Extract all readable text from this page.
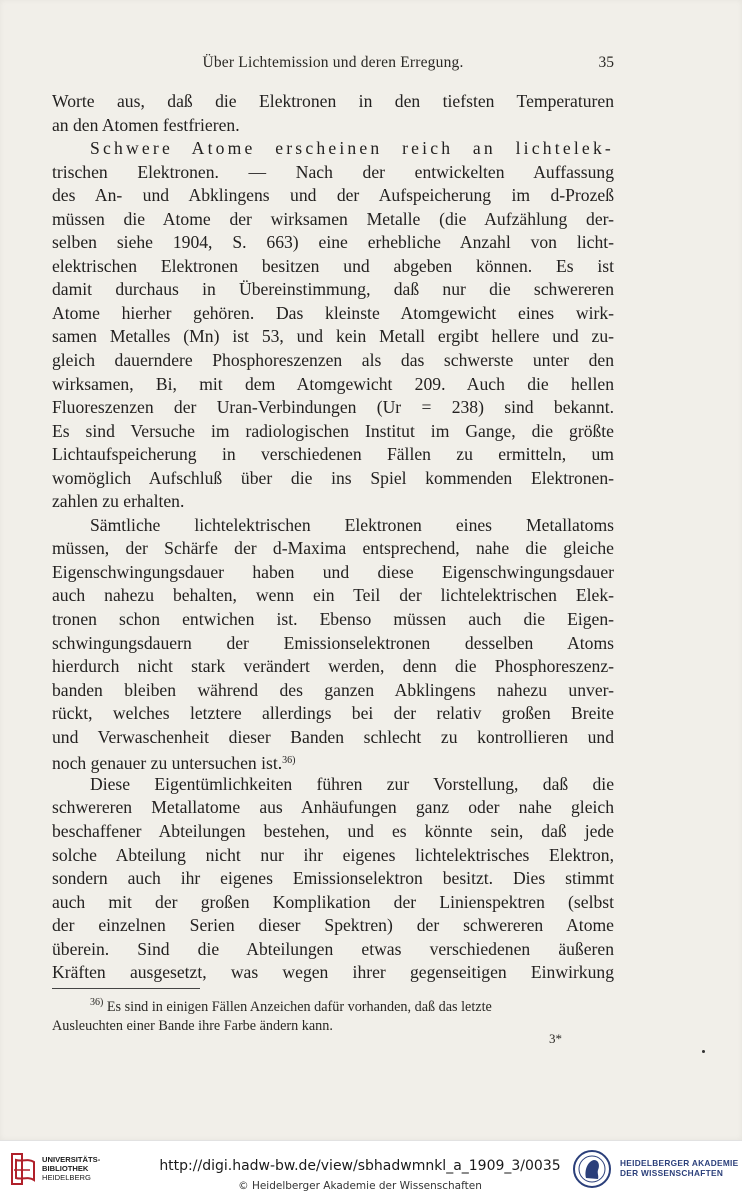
Über Lichtemission und deren Erregung.	35
Worte aus, daß die Elektronen in den tiefsten Temperaturen
an den Atomen festfrieren.
Schwere Atome erscheinen reich an lichtelek-
trischen Elektronen. — Nach der entwickelten Auffassung
des An- und Abklingens und der Aufspeicherung im d-Prozeß
müssen die Atome der wirksamen Metalle (die Aufzählung der-
selben siehe 1904, S. 663) eine erhebliche Anzahl von licht-
elektrischen Elektronen besitzen und abgeben können. Es ist
damit durchaus in Übereinstimmung, daß nur die schwereren
Atome hierher gehören. Das kleinste Atomgewicht eines wirk-
samen Metalles (Mn) ist 53, und kein Metall ergibt hellere und zu-
gleich dauerndere Phosphoreszenzen als das schwerste unter den
wirksamen, Bi, mit dem Atomgewicht 209. Auch die hellen
Fluoreszenzen der Uran-Verbindungen (Ur = 238) sind bekannt.
Es sind Versuche im radiologischen Institut im Gange, die größte
Lichtaufspeicherung in verschiedenen Fällen zu ermitteln, um
womöglich Aufschluß über die ins Spiel kommenden Elektronen-
zahlen zu erhalten.
Sämtliche lichtelektrischen Elektronen eines Metallatoms
müssen, der Schärfe der d-Maxima entsprechend, nahe die gleiche
Eigenschwingungsdauer haben und diese Eigenschwingungsdauer
auch nahezu behalten, wenn ein Teil der lichtelektrischen Elek-
tronen schon entwichen ist. Ebenso müssen auch die Eigen-
schwingungsdauern der Emissionselektronen desselben Atoms
hierdurch nicht stark verändert werden, denn die Phosphoreszenz-
banden bleiben während des ganzen Abklingens nahezu unver-
rückt, welches letztere allerdings bei der relativ großen Breite
und Verwaschenheit dieser Banden schlecht zu kontrollieren und
noch genauer zu untersuchen ist.$^{36)}$
Diese Eigentümlichkeiten führen zur Vorstellung, daß die
schwereren Metallatome aus Anhäufungen ganz oder nahe gleich
beschaffener Abteilungen bestehen, und es könnte sein, daß jede
solche Abteilung nicht nur ihr eigenes lichtelektrisches Elektron,
sondern auch ihr eigenes Emissionselektron besitzt. Dies stimmt
auch mit der großen Komplikation der Linienspektren (selbst
der einzelnen Serien dieser Spektren) der schwereren Atome
überein. Sind die Abteilungen etwas verschiedenen äußeren
Kräften ausgesetzt, was wegen ihrer gegenseitigen Einwirkung
$^{36)}$ Es sind in einigen Fällen Anzeichen dafür vorhanden, daß das letzte
Ausleuchten einer Bande ihre Farbe ändern kann.
3*
UNIVERSITÄTS-
BIBLIOTHEK
HEIDELBERG
http://digi.hadw-bw.de/view/sbhadwmnkl_a_1909_3/0035
© Heidelberger Akademie der Wissenschaften
HEIDELBERGER AKADEMIE
DER WISSENSCHAFTEN
